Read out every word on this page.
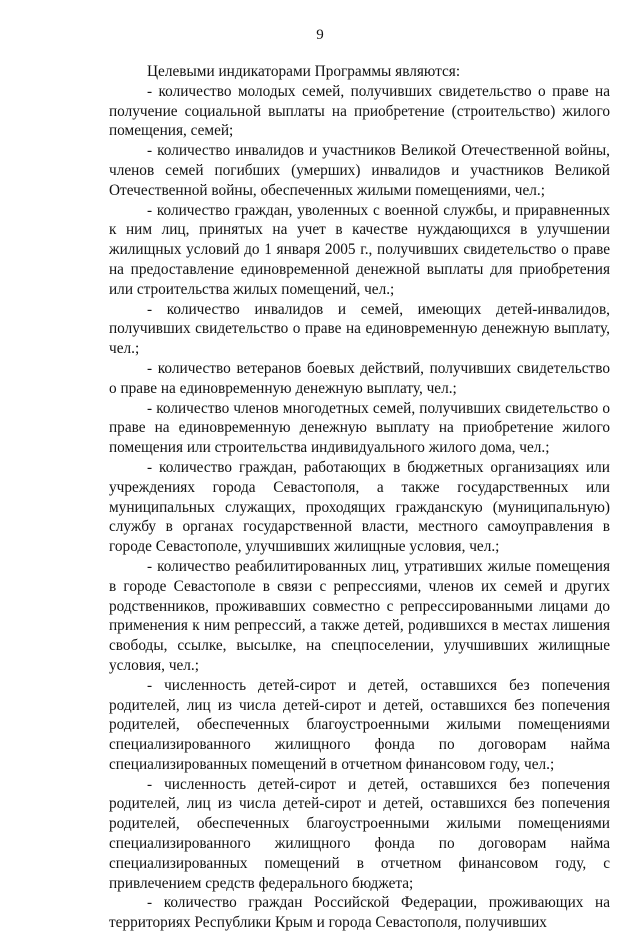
9

Целевыми индикаторами Программы являются:

- количество молодых семей, получивших свидетельство о праве на получение социальной выплаты на приобретение (строительство) жилого помещения, семей;

- количество инвалидов и участников Великой Отечественной войны, членов семей погибших (умерших) инвалидов и участников Великой Отечественной войны, обеспеченных жилыми помещениями, чел.;

- количество граждан, уволенных с военной службы, и приравненных к ним лиц, принятых на учет в качестве нуждающихся в улучшении жилищных условий до 1 января 2005 г., получивших свидетельство о праве на предоставление единовременной денежной выплаты для приобретения или строительства жилых помещений, чел.;

- количество инвалидов и семей, имеющих детей-инвалидов, получивших свидетельство о праве на единовременную денежную выплату, чел.;

- количество ветеранов боевых действий, получивших свидетельство о праве на единовременную денежную выплату, чел.;

- количество членов многодетных семей, получивших свидетельство о праве на единовременную денежную выплату на приобретение жилого помещения или строительства индивидуального жилого дома, чел.;

- количество граждан, работающих в бюджетных организациях или учреждениях города Севастополя, а также государственных или муниципальных служащих, проходящих гражданскую (муниципальную) службу в органах государственной власти, местного самоуправления в городе Севастополе, улучшивших жилищные условия, чел.;

- количество реабилитированных лиц, утративших жилые помещения в городе Севастополе в связи с репрессиями, членов их семей и других родственников, проживавших совместно с репрессированными лицами до применения к ним репрессий, а также детей, родившихся в местах лишения свободы, ссылке, высылке, на спецпоселении, улучшивших жилищные условия, чел.;

- численность детей-сирот и детей, оставшихся без попечения родителей, лиц из числа детей-сирот и детей, оставшихся без попечения родителей, обеспеченных благоустроенными жилыми помещениями специализированного жилищного фонда по договорам найма специализированных помещений в отчетном финансовом году, чел.;

- численность детей-сирот и детей, оставшихся без попечения родителей, лиц из числа детей-сирот и детей, оставшихся без попечения родителей, обеспеченных благоустроенными жилыми помещениями специализированного жилищного фонда по договорам найма специализированных помещений в отчетном финансовом году, с привлечением средств федерального бюджета;

- количество граждан Российской Федерации, проживающих на территориях Республики Крым и города Севастополя, получивших
